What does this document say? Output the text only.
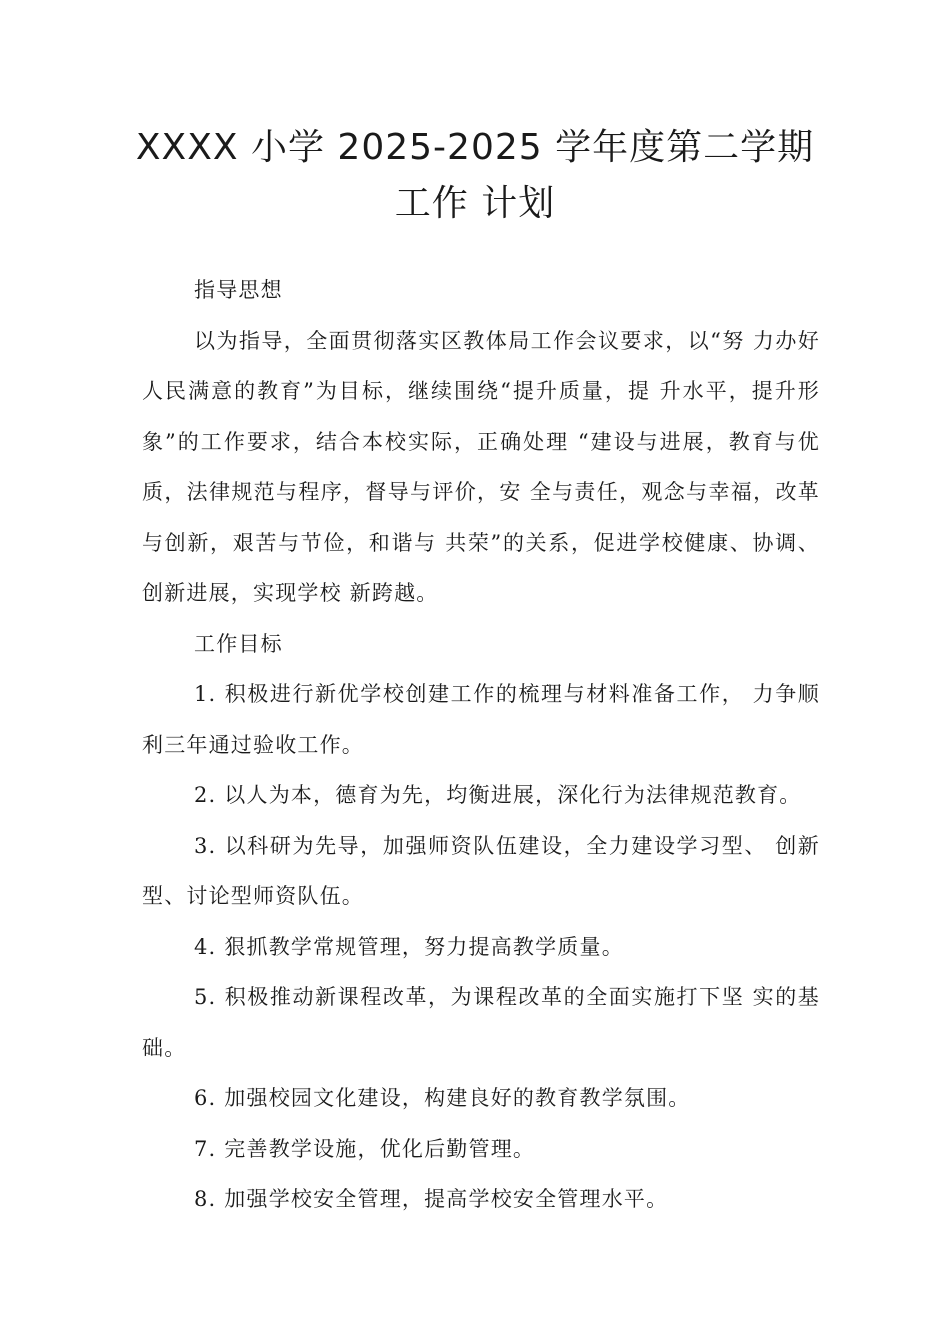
XXXX 小学 2025-2025 学年度第二学期工作 计划

指导思想

以为指导，全面贯彻落实区教体局工作会议要求，以“努 力办好人民满意的教育”为目标，继续围绕“提升质量，提 升水平，提升形象”的工作要求，结合本校实际，正确处理 “建设与进展，教育与优质，法律规范与程序，督导与评价，安 全与责任，观念与幸福，改革与创新，艰苦与节俭，和谐与 共荣”的关系，促进学校健康、协调、创新进展，实现学校 新跨越。

工作目标

1. 积极进行新优学校创建工作的梳理与材料准备工作， 力争顺利三年通过验收工作。

2. 以人为本，德育为先，均衡进展，深化行为法律规范教育。

3. 以科研为先导，加强师资队伍建设，全力建设学习型、 创新型、讨论型师资队伍。

4. 狠抓教学常规管理，努力提高教学质量。

5. 积极推动新课程改革，为课程改革的全面实施打下坚 实的基础。

6. 加强校园文化建设，构建良好的教育教学氛围。

7. 完善教学设施，优化后勤管理。

8. 加强学校安全管理，提高学校安全管理水平。
